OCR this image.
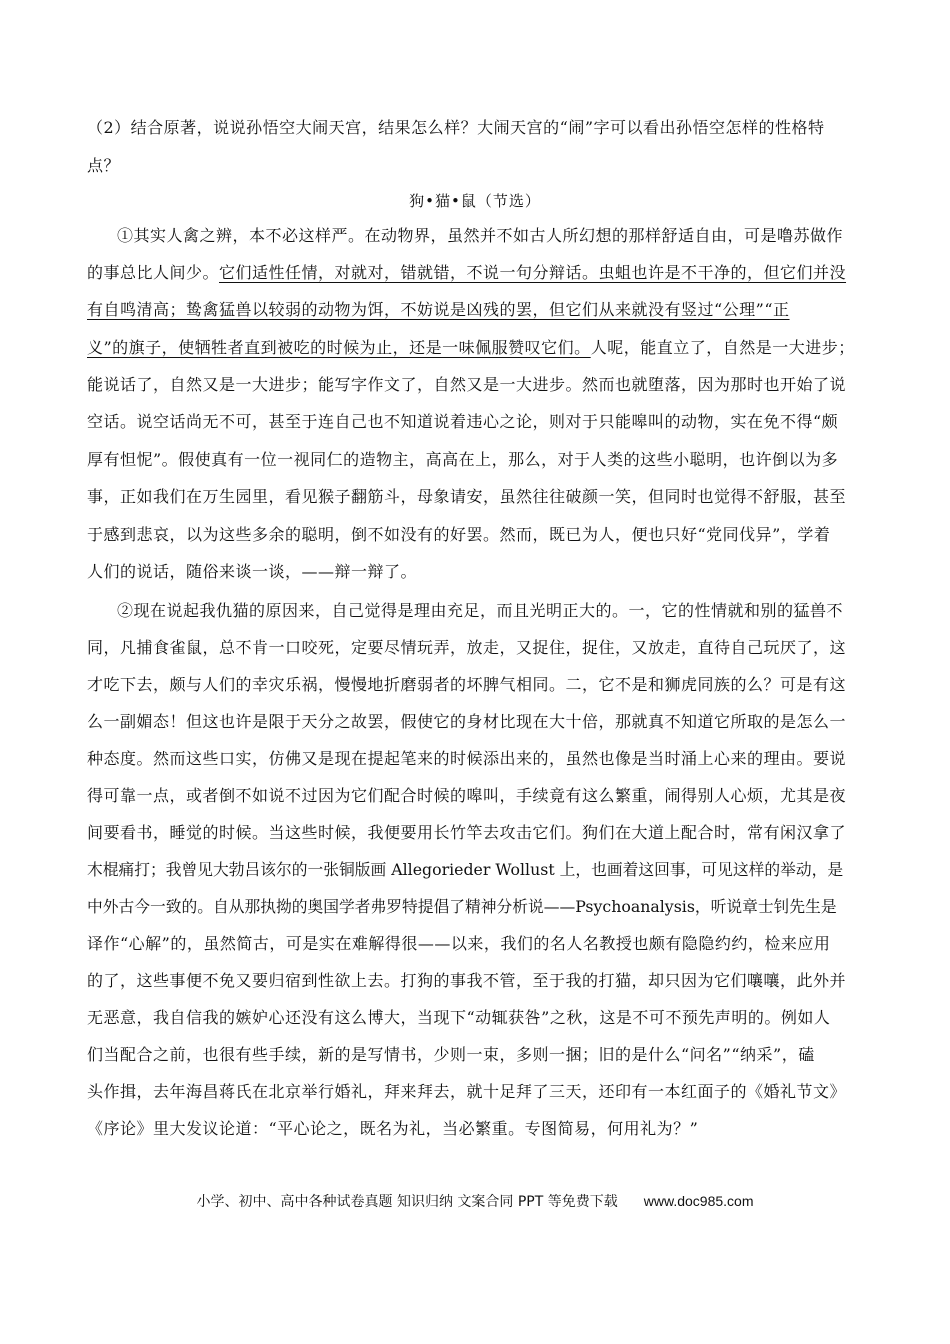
（2）结合原著，说说孙悟空大闹天宫，结果怎么样？大闹天宫的“闹”字可以看出孙悟空怎样的性格特
点？
狗•猫•鼠（节选）
①其实人禽之辨，本不必这样严。在动物界，虽然并不如古人所幻想的那样舒适自由，可是噜苏做作
的事总比人间少。它们适性任情，对就对，错就错，不说一句分辩话。虫蛆也许是不干净的，但它们并没
有自鸣清高；鸷禽猛兽以较弱的动物为饵，不妨说是凶残的罢，但它们从来就没有竖过“公理”“正
义”的旗子，使牺牲者直到被吃的时候为止，还是一味佩服赞叹它们。人呢，能直立了，自然是一大进步；
能说话了，自然又是一大进步；能写字作文了，自然又是一大进步。然而也就堕落，因为那时也开始了说
空话。说空话尚无不可，甚至于连自己也不知道说着违心之论，则对于只能嗥叫的动物，实在免不得“颇
厚有怛怩”。假使真有一位一视同仁的造物主，高高在上，那么，对于人类的这些小聪明，也许倒以为多
事，正如我们在万生园里，看见猴子翻筋斗，母象请安，虽然往往破颜一笑，但同时也觉得不舒服，甚至
于感到悲哀，以为这些多余的聪明，倒不如没有的好罢。然而，既已为人，便也只好“党同伐异”，学着
人们的说话，随俗来谈一谈，——辩一辩了。
②现在说起我仇猫的原因来，自己觉得是理由充足，而且光明正大的。一，它的性情就和别的猛兽不
同，凡捕食雀鼠，总不肯一口咬死，定要尽情玩弄，放走，又捉住，捉住，又放走，直待自己玩厌了，这
才吃下去，颇与人们的幸灾乐祸，慢慢地折磨弱者的坏脾气相同。二，它不是和狮虎同族的么？可是有这
么一副媚态！但这也许是限于天分之故罢，假使它的身材比现在大十倍，那就真不知道它所取的是怎么一
种态度。然而这些口实，仿佛又是现在提起笔来的时候添出来的，虽然也像是当时涌上心来的理由。要说
得可靠一点，或者倒不如说不过因为它们配合时候的嗥叫，手续竟有这么繁重，闹得别人心烦，尤其是夜
间要看书，睡觉的时候。当这些时候，我便要用长竹竿去攻击它们。狗们在大道上配合时，常有闲汉拿了
木棍痛打；我曾见大勃吕该尔的一张铜版画 Allegorieder Wollust 上，也画着这回事，可见这样的举动，是
中外古今一致的。自从那执拗的奥国学者弗罗特提倡了精神分析说——Psychoanalysis，听说章士钊先生是
译作“心解”的，虽然简古，可是实在难解得很——以来，我们的名人名教授也颇有隐隐约约，检来应用
的了，这些事便不免又要归宿到性欲上去。打狗的事我不管，至于我的打猫，却只因为它们嚷嚷，此外并
无恶意，我自信我的嫉妒心还没有这么博大，当现下“动辄获咎”之秋，这是不可不预先声明的。例如人
们当配合之前，也很有些手续，新的是写情书，少则一束，多则一捆；旧的是什么“问名”“纳采”，磕
头作揖，去年海昌蒋氏在北京举行婚礼，拜来拜去，就十足拜了三天，还印有一本红面子的《婚礼节文》
《序论》里大发议论道：“平心论之，既名为礼，当必繁重。专图简易，何用礼为？”
小学、初中、高中各种试卷真题 知识归纳 文案合同 PPT 等免费下载 www.doc985.com
